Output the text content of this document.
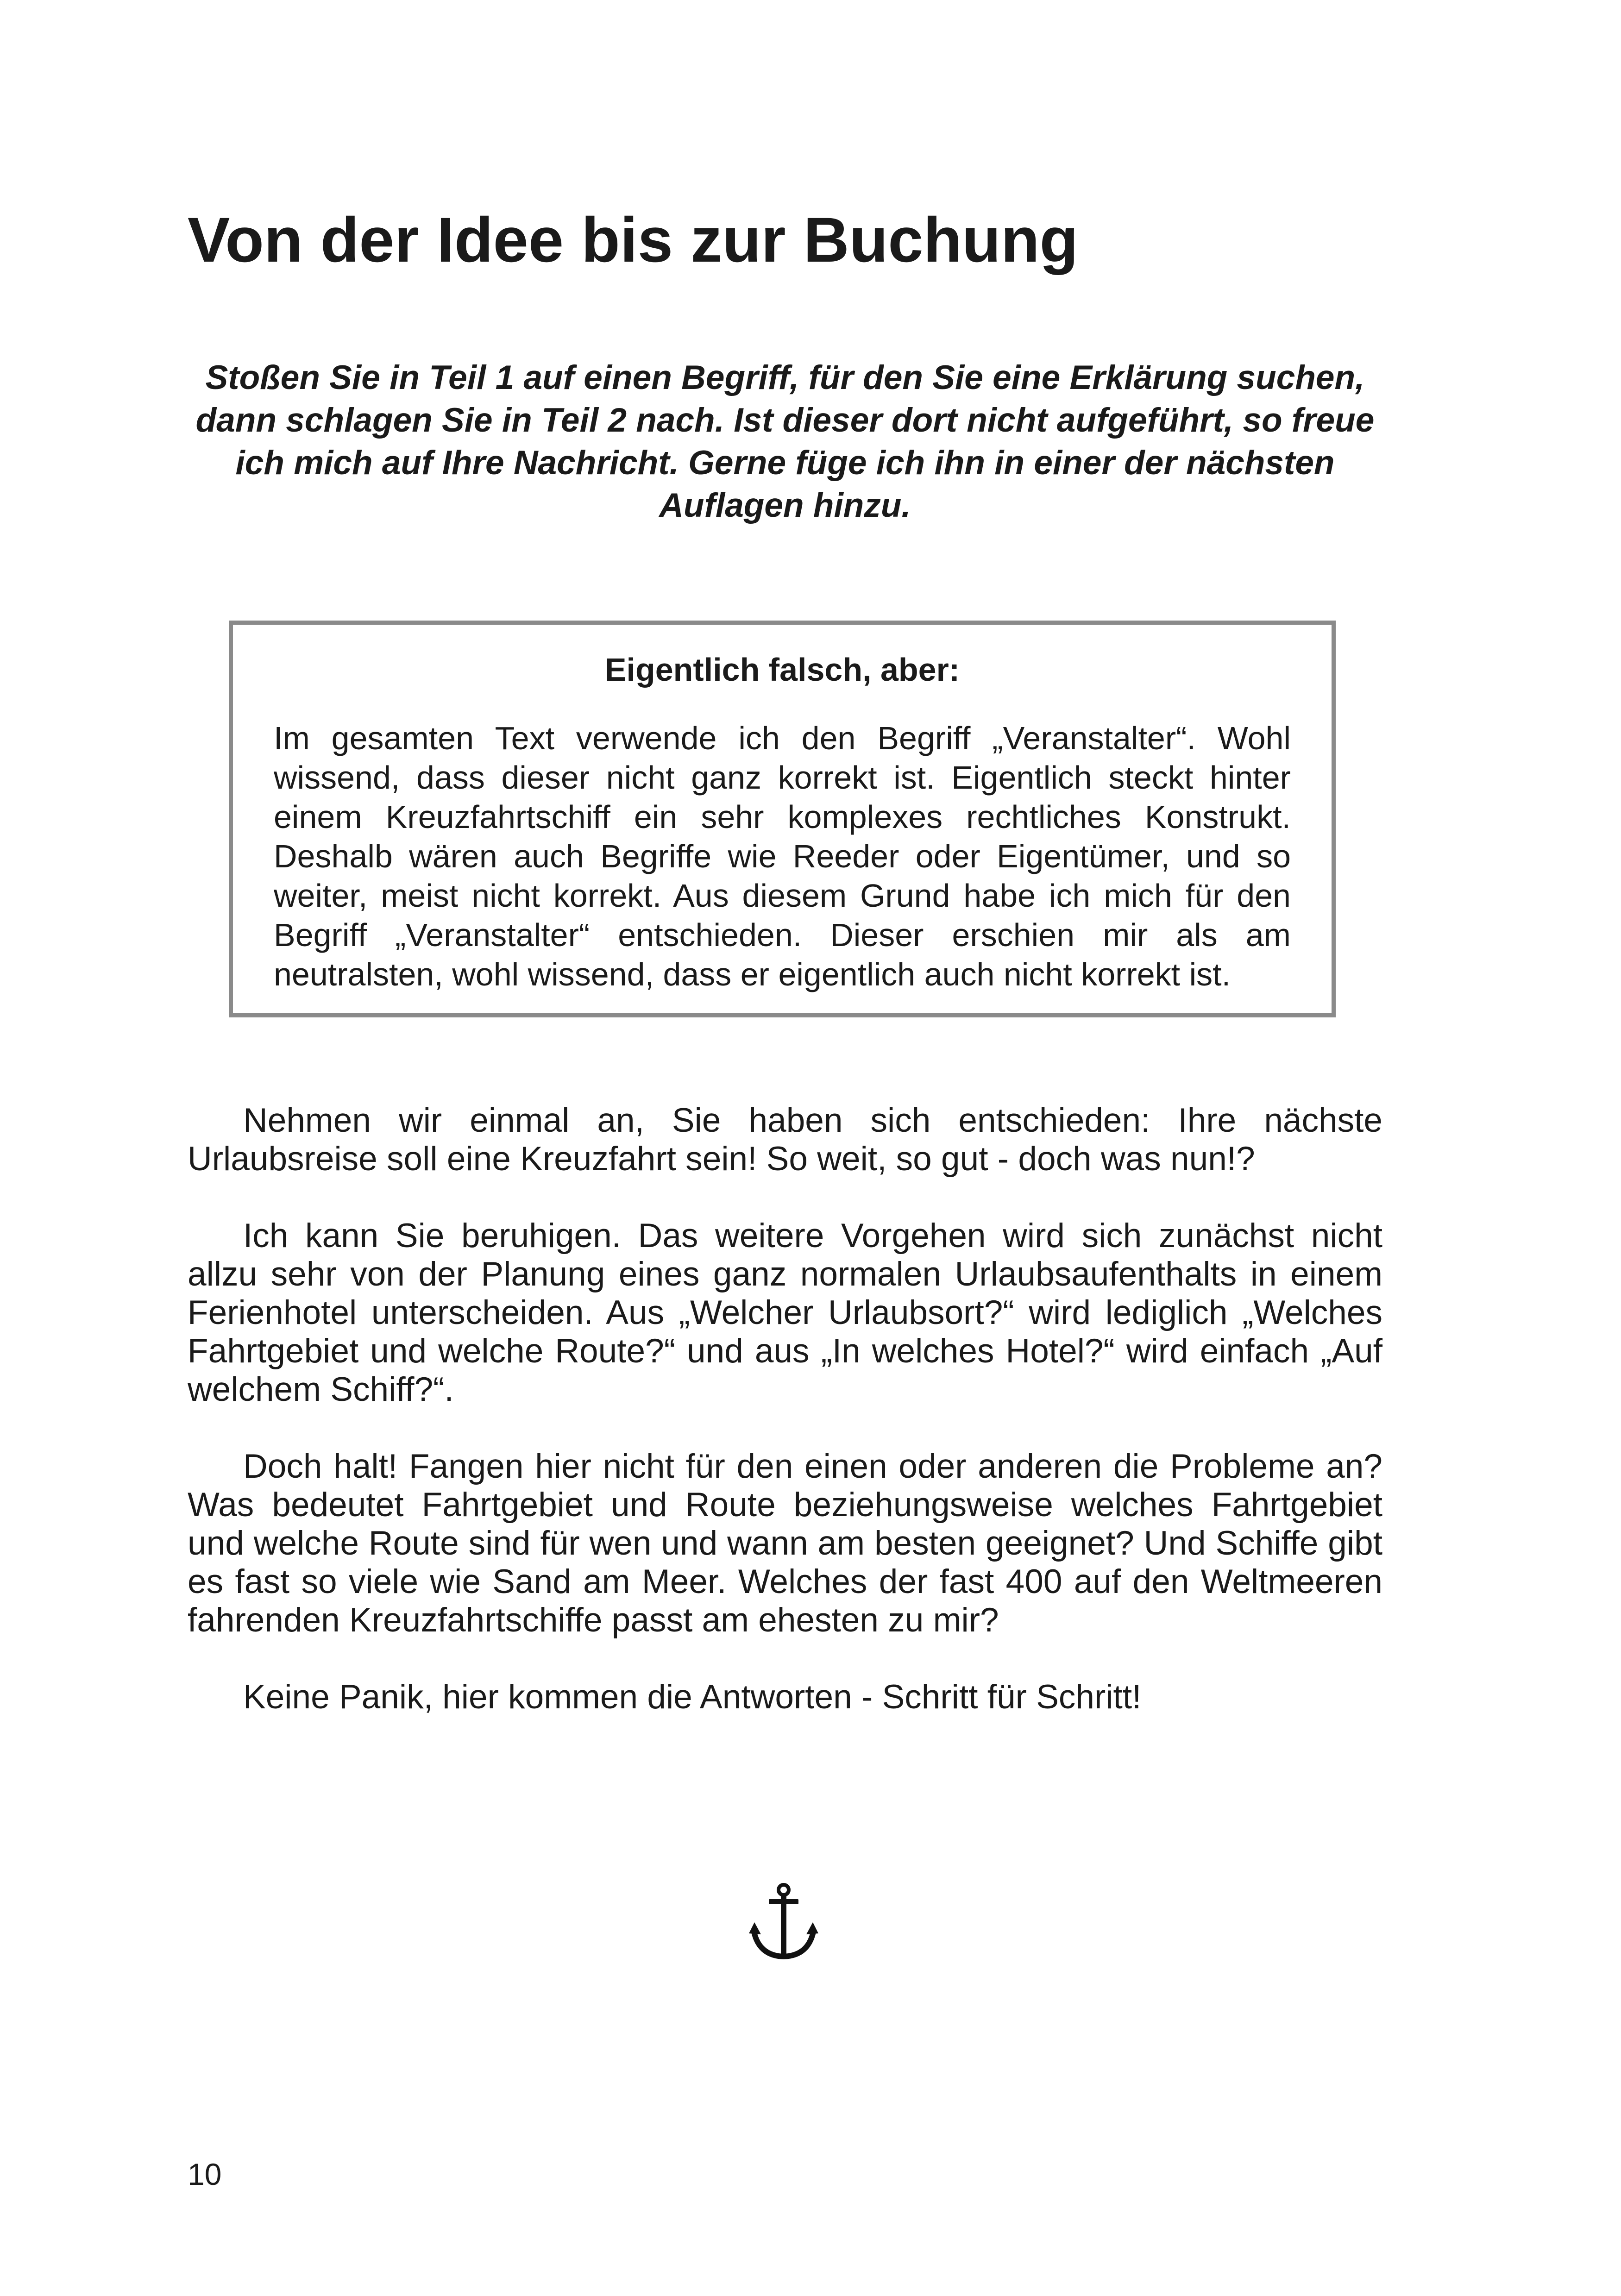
Von der Idee bis zur Buchung

Stoßen Sie in Teil 1 auf einen Begriff, für den Sie eine Erklärung suchen, dann schlagen Sie in Teil 2 nach. Ist dieser dort nicht aufgeführt, so freue ich mich auf Ihre Nachricht. Gerne füge ich ihn in einer der nächsten Auflagen hinzu.

Eigentlich falsch, aber:

Im gesamten Text verwende ich den Begriff „Veranstalter“. Wohl wissend, dass dieser nicht ganz korrekt ist. Eigentlich steckt hinter einem Kreuzfahrtschiff ein sehr komplexes rechtliches Konstrukt. Deshalb wären auch Begriffe wie Reeder oder Eigentümer, und so weiter, meist nicht korrekt. Aus diesem Grund habe ich mich für den Begriff „Veranstalter“ entschieden. Dieser erschien mir als am neutralsten, wohl wissend, dass er eigentlich auch nicht korrekt ist.

Nehmen wir einmal an, Sie haben sich entschieden: Ihre nächste Urlaubsreise soll eine Kreuzfahrt sein! So weit, so gut - doch was nun!?

Ich kann Sie beruhigen. Das weitere Vorgehen wird sich zunächst nicht allzu sehr von der Planung eines ganz normalen Urlaubsaufenthalts in einem Ferienhotel unterscheiden. Aus „Welcher Urlaubsort?“ wird lediglich „Welches Fahrtgebiet und welche Route?“ und aus „In welches Hotel?“ wird einfach „Auf welchem Schiff?“.

Doch halt! Fangen hier nicht für den einen oder anderen die Probleme an? Was bedeutet Fahrtgebiet und Route beziehungsweise welches Fahrtgebiet und welche Route sind für wen und wann am besten geeignet? Und Schiffe gibt es fast so viele wie Sand am Meer. Welches der fast 400 auf den Weltmeeren fahrenden Kreuzfahrtschiffe passt am ehesten zu mir?

Keine Panik, hier kommen die Antworten - Schritt für Schritt!

10
